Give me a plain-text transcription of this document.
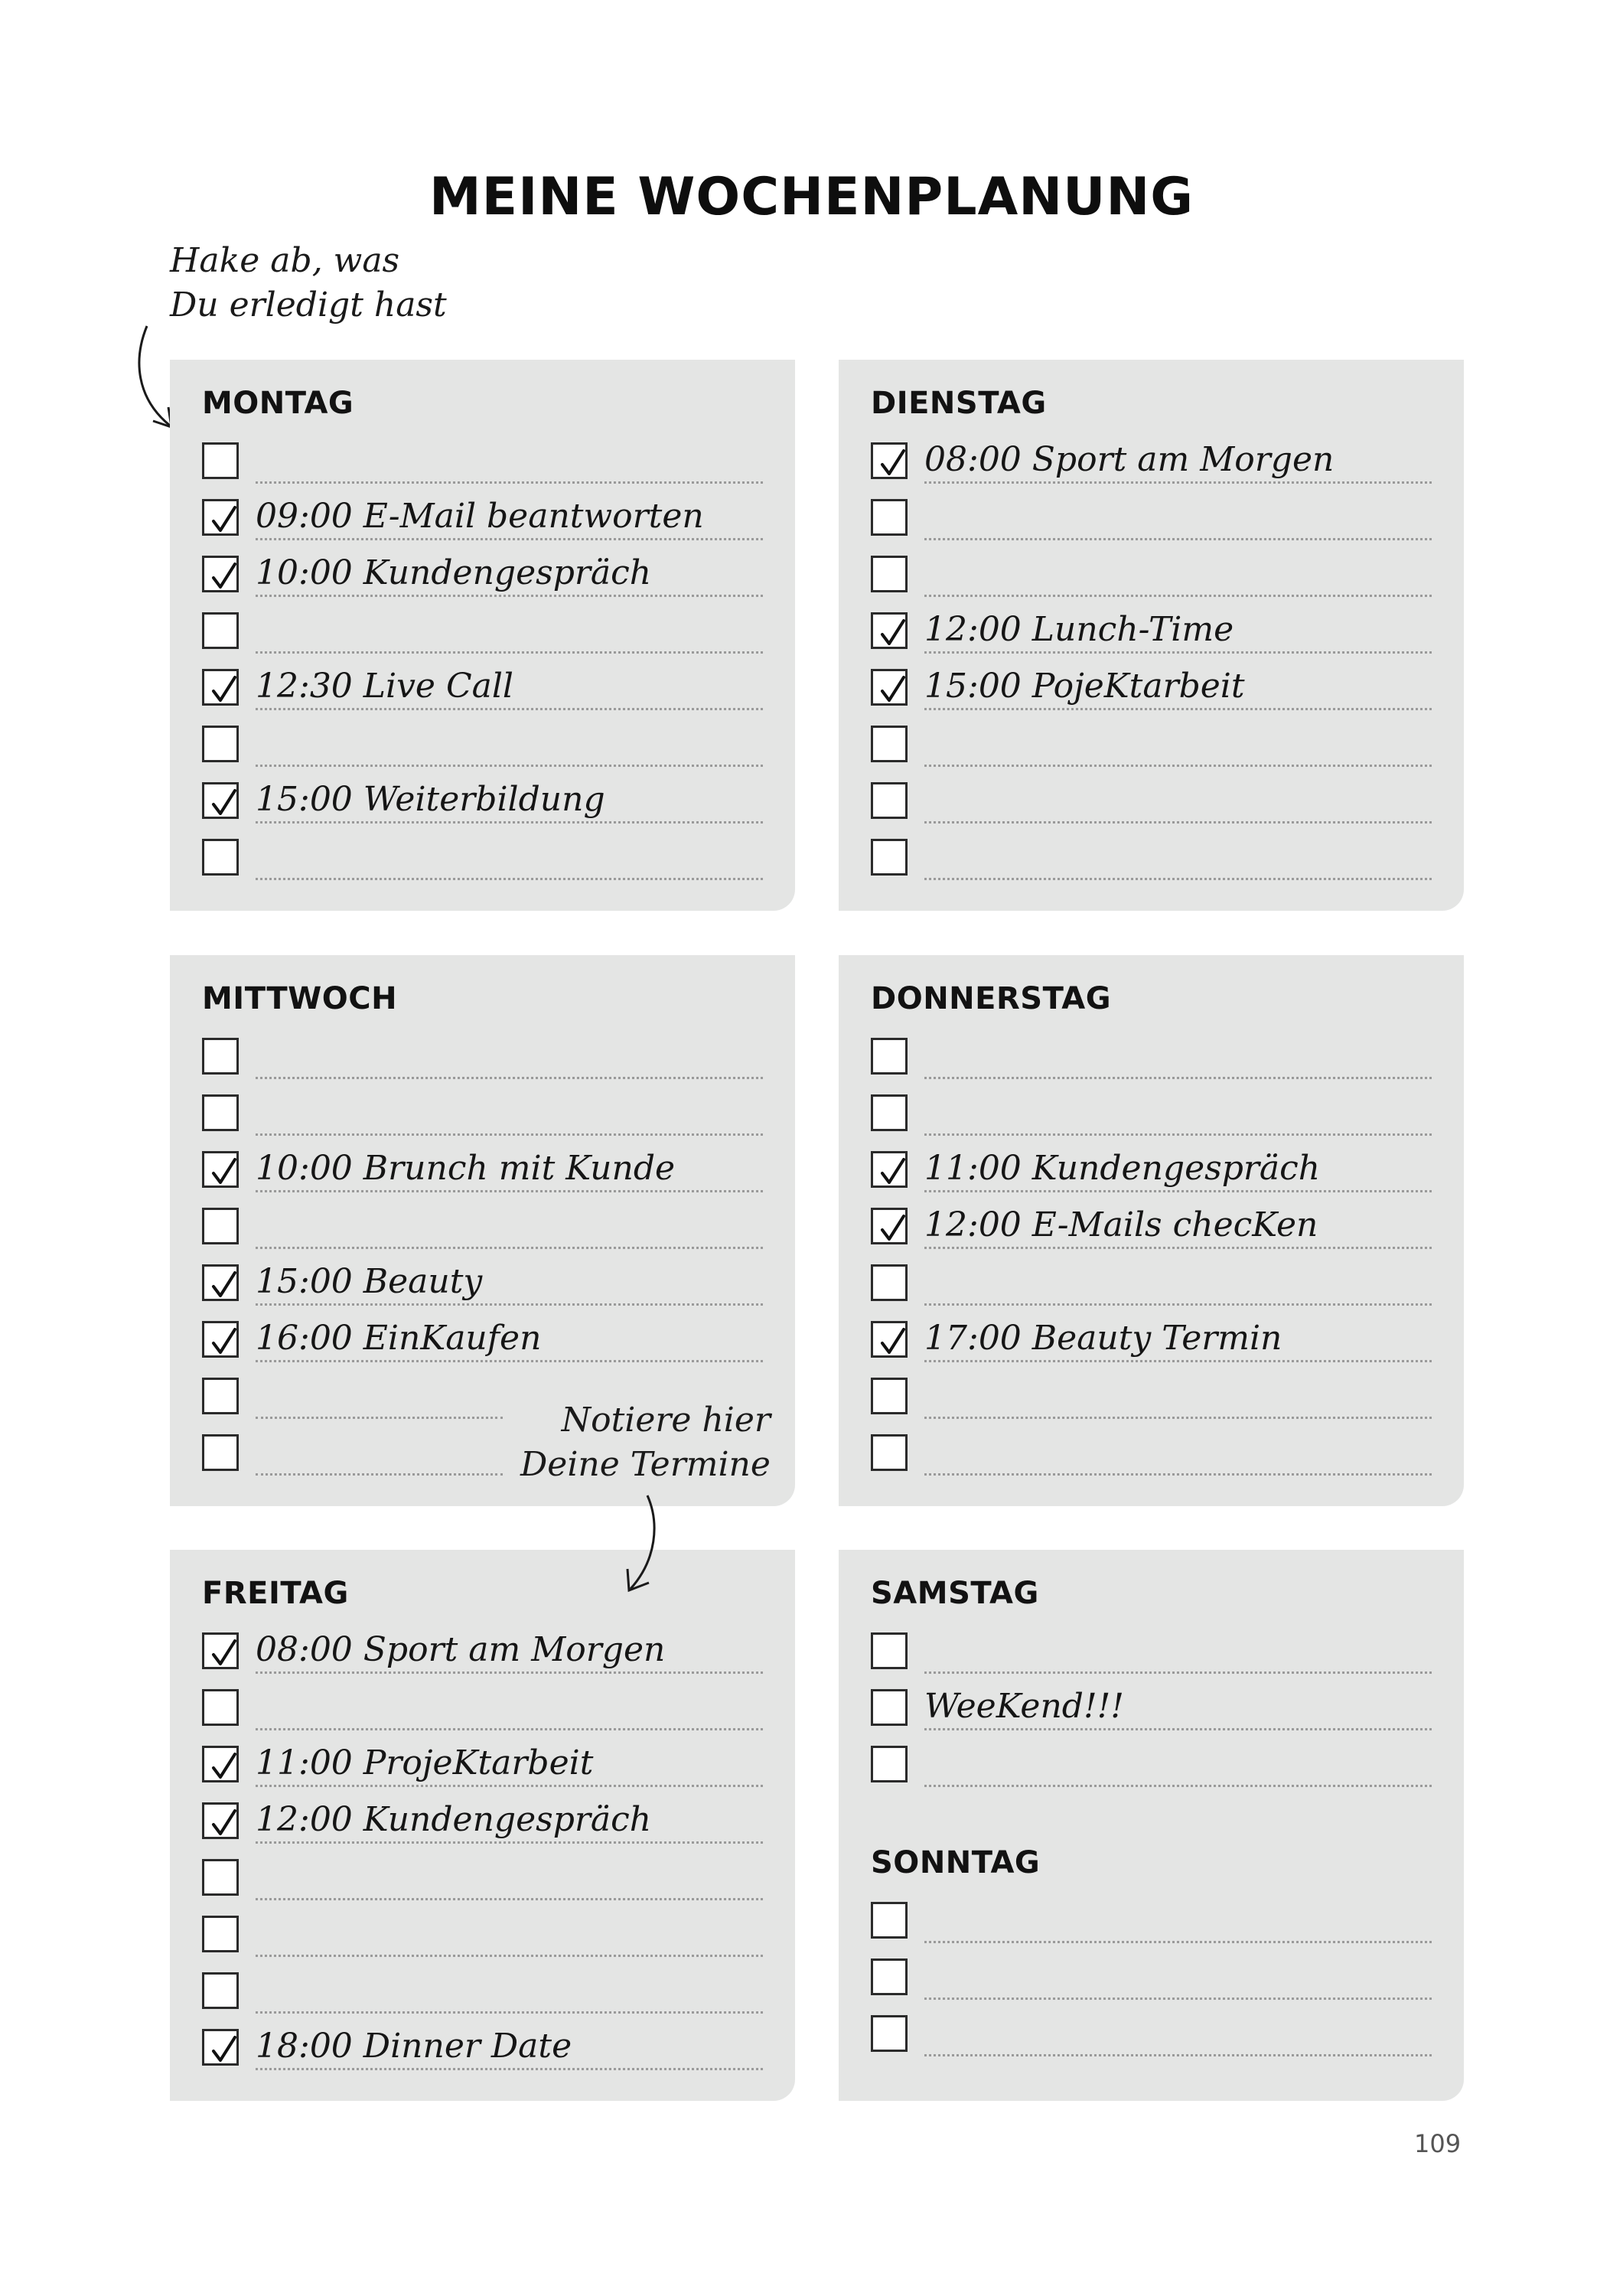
MEINE WOCHENPLANUNG
Hake ab, was
Du erledigt hast
MONTAG
09:00 E-Mail beantworten
10:00 Kundengespräch
12:30 Live Call
15:00 Weiterbildung
DIENSTAG
08:00 Sport am Morgen
12:00 Lunch-Time
15:00 PojeKtarbeit
MITTWOCH
10:00 Brunch mit Kunde
15:00 Beauty
16:00 EinKaufen
DONNERSTAG
11:00 Kundengespräch
12:00 E-Mails checKen
17:00 Beauty Termin
FREITAG
08:00 Sport am Morgen
11:00 ProjeKtarbeit
12:00 Kundengespräch
18:00 Dinner Date
SAMSTAG
WeeKend!!!
SONNTAG
Notiere hier
Deine Termine
109
